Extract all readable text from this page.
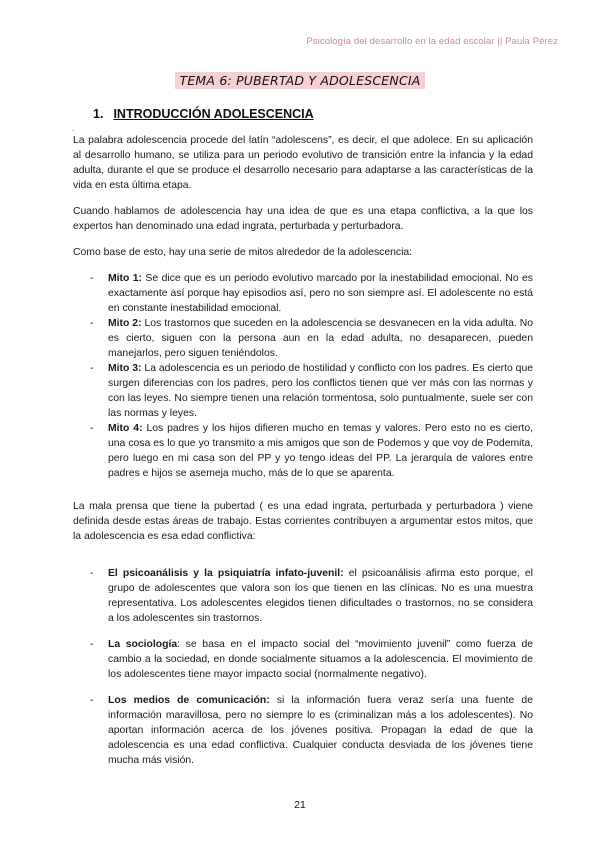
Psicología del desarrollo en la edad escolar || Paula Pérez
TEMA 6: PUBERTAD Y ADOLESCENCIA
1. INTRODUCCIÓN ADOLESCENCIA
.

La palabra adolescencia procede del latín “adolescens”, es decir, el que adolece. En su aplicación al desarrollo humano, se utiliza para un periodo evolutivo de transición entre la infancia y la edad adulta, durante el que se produce el desarrollo necesario para adaptarse a las características de la vida en esta última etapa.

Cuando hablamos de adolescencia hay una idea de que es una etapa conflictiva, a la que los expertos han denominado una edad ingrata, perturbada y perturbadora.

Como base de esto, hay una serie de mitos alrededor de la adolescencia:

- Mito 1: Se dice que es un periodo evolutivo marcado por la inestabilidad emocional. No es exactamente así porque hay episodios así, pero no son siempre así. El adolescente no está en constante inestabilidad emocional.
- Mito 2: Los trastornos que suceden en la adolescencia se desvanecen en la vida adulta. No es cierto, siguen con la persona aun en la edad adulta, no desaparecen, pueden manejarlos, pero siguen teniéndolos.
- Mito 3: La adolescencia es un periodo de hostilidad y conflicto con los padres. Es cierto que surgen diferencias con los padres, pero los conflictos tienen que ver más con las normas y con las leyes. No siempre tienen una relación tormentosa, solo puntualmente, suele ser con las normas y leyes.
- Mito 4: Los padres y los hijos difieren mucho en temas y valores. Pero esto no es cierto, una cosa es lo que yo transmito a mis amigos que son de Podemos y que voy de Podemita, pero luego en mi casa son del PP y yo tengo ideas del PP. La jerarquía de valores entre padres e hijos se asemeja mucho, más de lo que se aparenta.

La mala prensa que tiene la pubertad ( es una edad ingrata, perturbada y perturbadora ) viene definida desde estas áreas de trabajo. Estas corrientes contribuyen a argumentar estos mitos, que la adolescencia es esa edad conflictiva:

- El psicoanálisis y la psiquiatría infato-juvenil: el psicoanálisis afirma esto porque, el grupo de adolescentes que valora son los que tienen en las clínicas. No es una muestra representativa. Los adolescentes elegidos tienen dificultades o trastornos, no se considera a los adolescentes sin trastornos.
- La sociología: se basa en el impacto social del “movimiento juvenil” como fuerza de cambio a la sociedad, en donde socialmente situamos a la adolescencia. El movimiento de los adolescentes tiene mayor impacto social (normalmente negativo).
- Los medios de comunicación: si la información fuera veraz sería una fuente de información maravillosa, pero no siempre lo es (criminalizan más a los adolescentes). No aportan información acerca de los jóvenes positiva. Propagan la edad de que la adolescencia es una edad conflictiva. Cualquier conducta desviada de los jóvenes tiene mucha más visión.
21
